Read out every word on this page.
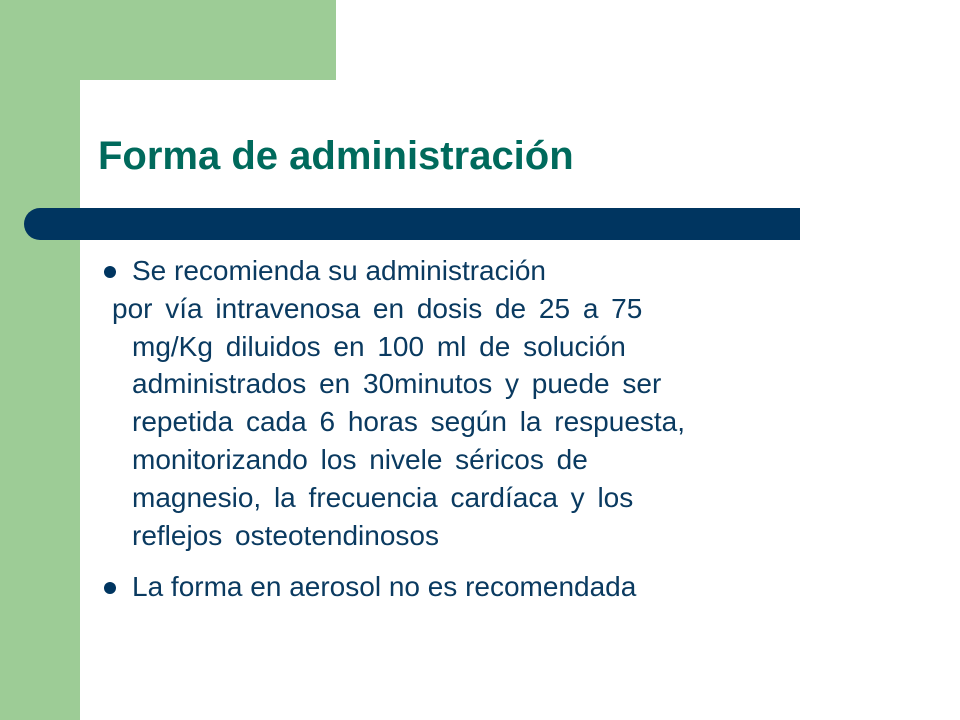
Forma de administración
Se recomienda su administración
por vía intravenosa en dosis de 25 a 75
mg/Kg diluidos en 100 ml de solución
administrados en 30minutos y puede ser
repetida cada 6 horas según la respuesta,
monitorizando los nivele séricos de
magnesio, la frecuencia cardíaca y los
reflejos osteotendinosos
La forma en aerosol no es recomendada
